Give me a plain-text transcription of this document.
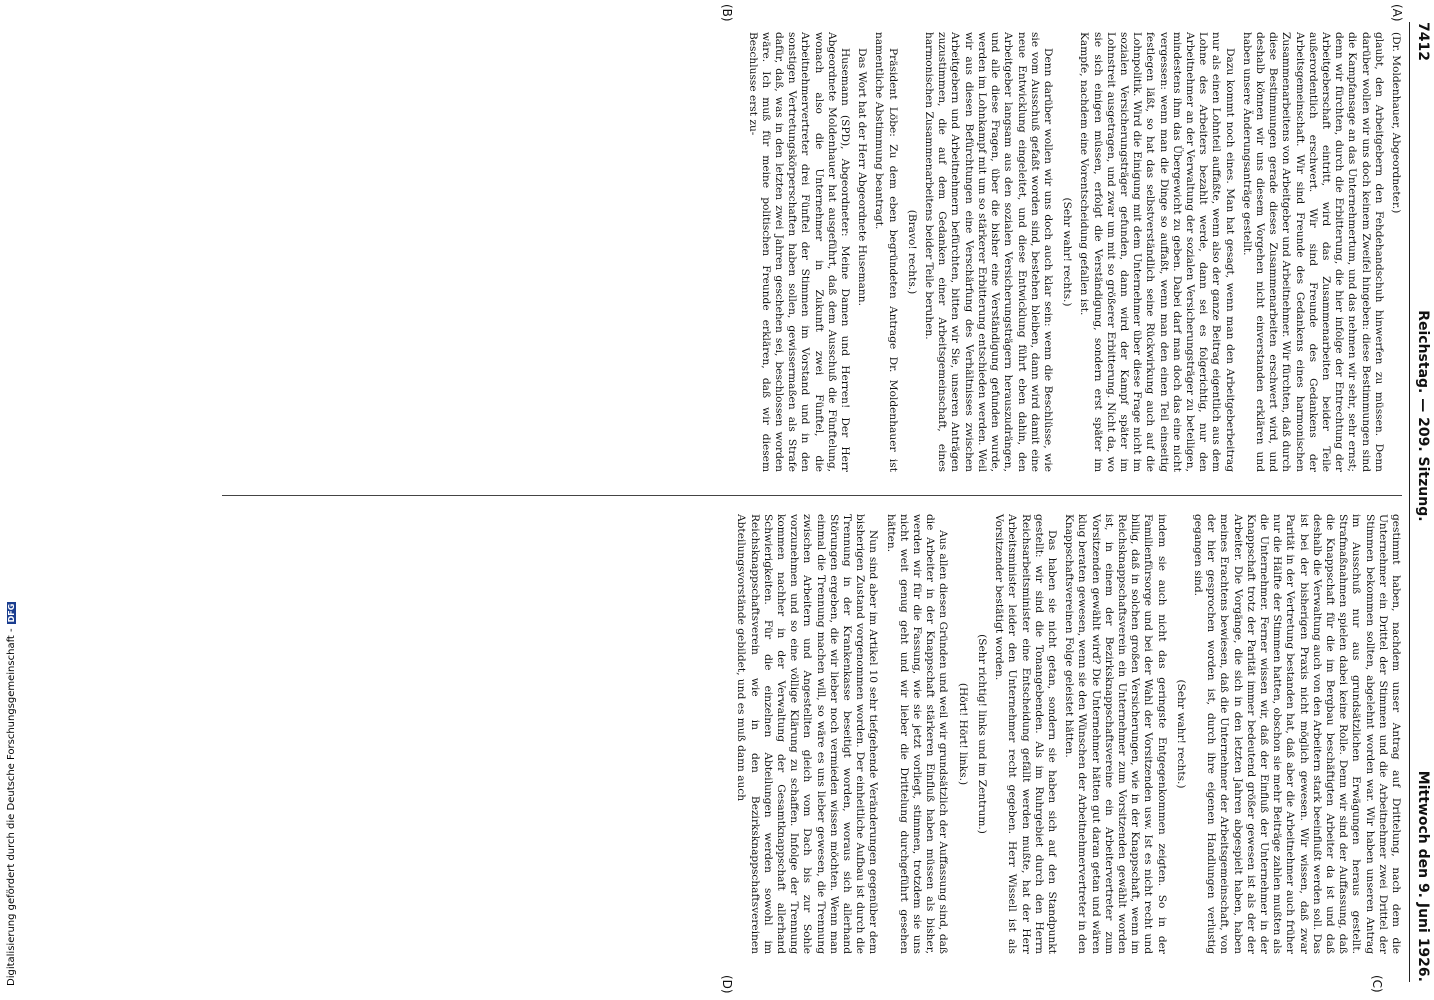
7412
Reichstag. — 209. Sitzung.
Mittwoch den 9. Juni 1926.
(A)
(B)
(C)
(D)

(Dr. Moldenhauer, Abgeordneter.)

glaubt, den Arbeitgebern den Fehdehandschuh hinwerfen zu müssen. Denn darüber wollen wir uns doch keinem Zweifel hingeben: diese Bestimmungen sind die Kampfansage an das Unternehmertum, und das nehmen wir sehr, sehr ernst; denn wir fürchten, durch die Erbitterung, die hier infolge der Entrechtung der Arbeitgeberschaft eintritt, wird das Zusammenarbeiten beider Teile außerordentlich erschwert. Wir sind Freunde des Gedankens der Arbeitsgemeinschaft. Wir sind Freunde des Gedankens eines harmonischen Zusammenarbeitens von Arbeitgeber und Arbeitnehmer. Wir fürchten, daß durch diese Bestimmungen gerade dieses Zusammenarbeiten erschwert wird, und deshalb können wir uns diesem Vorgehen nicht einverstanden erklären und haben unsere Änderungsanträge gestellt.

Dazu kommt noch eines. Man hat gesagt, wenn man den Arbeitgeberbeitrag nur als einen Lohnteil auffaßte, wenn also der ganze Beitrag eigentlich aus dem Lohne des Arbeiters bezahlt werde, dann sei es folgerichtig, nur den Arbeitnehmer an der Verwaltung der sozialen Versicherungsträger zu beteiligen, mindestens ihm das Übergewicht zu geben. Dabei darf man doch das eine nicht vergessen: wenn man die Dinge so auffaßt, wenn man den einen Teil einseitig festlegen läßt, so hat das selbstverständlich seine Rückwirkung auch auf die Lohnpolitik. Wird die Einigung mit dem Unternehmer über diese Frage nicht im sozialen Versicherungsträger gefunden, dann wird der Kampf später im Lohnstreit ausgetragen, und zwar um mit so größerer Erbitterung. Nicht da, wo sie sich einigen müssen, erfolgt die Verständigung, sondern erst später im Kampfe, nachdem eine Vorentscheidung gefallen ist.

(Sehr wahr! rechts.)

Denn darüber wollen wir uns doch auch klar sein: wenn die Beschlüsse, wie sie vom Ausschuß gefaßt worden sind, bestehen bleiben, dann wird damit eine neue Entwicklung eingeleitet, und diese Entwicklung führt eben dahin, den Arbeitgeber langsam aus den sozialen Versicherungsträgern herauszudrängen, und alle diese Fragen, über die bisher eine Verständigung gefunden wurde, werden im Lohnkampf mit um so stärkerer Erbitterung entschieden werden. Weil wir aus diesen Befürchtungen eine Verschärfung des Verhältnisses zwischen Arbeitgebern und Arbeitnehmern befürchten, bitten wir Sie, unseren Anträgen zuzustimmen, die auf dem Gedanken einer Arbeitsgemeinschaft, eines harmonischen Zusammenarbeitens beider Teile beruhen.

(Bravo! rechts.)

Präsident Löbe: Zu dem eben begründeten Antrage Dr. Moldenhauer ist namentliche Abstimmung beantragt.

Das Wort hat der Herr Abgeordnete Husemann.

Husemann (SPD), Abgeordneter: Meine Damen und Herren! Der Herr Abgeordnete Moldenhauer hat ausgeführt, daß dem Ausschuß die Fünftelung, wonach also die Unternehmer in Zukunft zwei Fünftel, die Arbeitnehmervertreter drei Fünftel der Stimmen im Vorstand und in den sonstigen Vertretungskörperschaften haben sollen, gewissermaßen als Strafe dafür, daß, was in den letzten zwei Jahren geschehen sei, beschlossen worden wäre. Ich muß für meine politischen Freunde erklären, daß wir diesem Beschlusse erst zu-

gestimmt haben, nachdem unser Antrag auf Drittelung, nach dem die Unternehmer ein Drittel der Stimmen und die Arbeitnehmer zwei Drittel der Stimmen bekommen sollten, abgelehnt worden war. Wir haben unseren Antrag im Ausschuß nur aus grundsätzlichen Erwägungen heraus gestellt. Strafmaßnahmen spielen dabei keine Rolle. Denn wir sind der Auffassung, daß die Knappschaft für die im Bergbau beschäftigten Arbeiter da ist und daß deshalb die Verwaltung auch von den Arbeitern stark beeinflußt werden soll. Das ist bei der bisherigen Praxis nicht möglich gewesen. Wir wissen, daß zwar Parität in der Vertretung bestanden hat, daß aber die Arbeitnehmer auch früher nur die Hälfte der Stimmen hatten, obschon sie mehr Beiträge zahlen mußten als die Unternehmer. Ferner wissen wir, daß der Einfluß der Unternehmer in der Knappschaft trotz der Parität immer bedeutend größer gewesen ist als der der Arbeiter. Die Vorgänge, die sich in den letzten Jahren abgespielt haben, haben meines Erachtens bewiesen, daß die Unternehmer der Arbeitsgemeinschaft, von der hier gesprochen worden ist, durch ihre eigenen Handlungen verlustig gegangen sind.

(Sehr wahr! rechts.)

indem sie auch nicht das geringste Entgegenkommen zeigten. So in der Familienfürsorge und bei der Wahl der Vorsitzenden usw. Ist es nicht recht und billig, daß in solchen großen Versicherungen, wie in der Knappschaft, wenn im Reichsknappschaftsverein ein Unternehmer zum Vorsitzenden gewählt worden ist, in einem der Bezirksknappschaftsvereine ein Arbeitervertreter zum Vorsitzenden gewählt wird? Die Unternehmer hätten gut daran getan und wären klug beraten gewesen, wenn sie den Wünschen der Arbeitnehmervertreter in den Knappschaftsvereinen Folge geleistet hätten.

Das haben sie nicht getan, sondern sie haben sich auf den Standpunkt gestellt: wir sind die Tonangebenden. Als im Ruhrgebiet durch den Herrn Reichsarbeitsminister eine Entscheidung gefällt werden mußte, hat der Herr Arbeitsminister leider den Unternehmer recht gegeben. Herr Wissell ist als Vorsitzender bestätigt worden.

(Sehr richtig! links und im Zentrum.)

(Hört! Hört! links.)

Aus allen diesen Gründen und weil wir grundsätzlich der Auffassung sind, daß die Arbeiter in der Knappschaft stärkeren Einfluß haben müssen als bisher, werden wir für die Fassung, wie sie jetzt vorliegt, stimmen, trotzdem sie uns nicht weit genug geht und wir lieber die Drittelung durchgeführt gesehen hätten.

Nun sind aber im Artikel 10 sehr tiefgehende Veränderungen gegenüber dem bisherigen Zustand vorgenommen worden. Der einheitliche Aufbau ist durch die Trennung in der Krankenkasse beseitigt worden, woraus sich allerhand Störungen ergeben, die wir lieber noch vermieden wissen möchten. Wenn man einmal die Trennung machen will, so wäre es uns lieber gewesen, die Trennung zwischen Arbeitern und Angestellten gleich vom Dach bis zur Sohle vorzunehmen und so eine völlige Klärung zu schaffen. Infolge der Trennung kommen nachher in der Verwaltung der Gesamtknappschaft allerhand Schwierigkeiten. Für die einzelnen Abteilungen werden sowohl im Reichsknappschaftsverein wie in den Bezirksknappschaftsvereinen Abteilungsvorstände gebildet, und es muß dann auch

Digitalisierung gefördert durch die Deutsche Forschungsgemeinschaft -
DFG
